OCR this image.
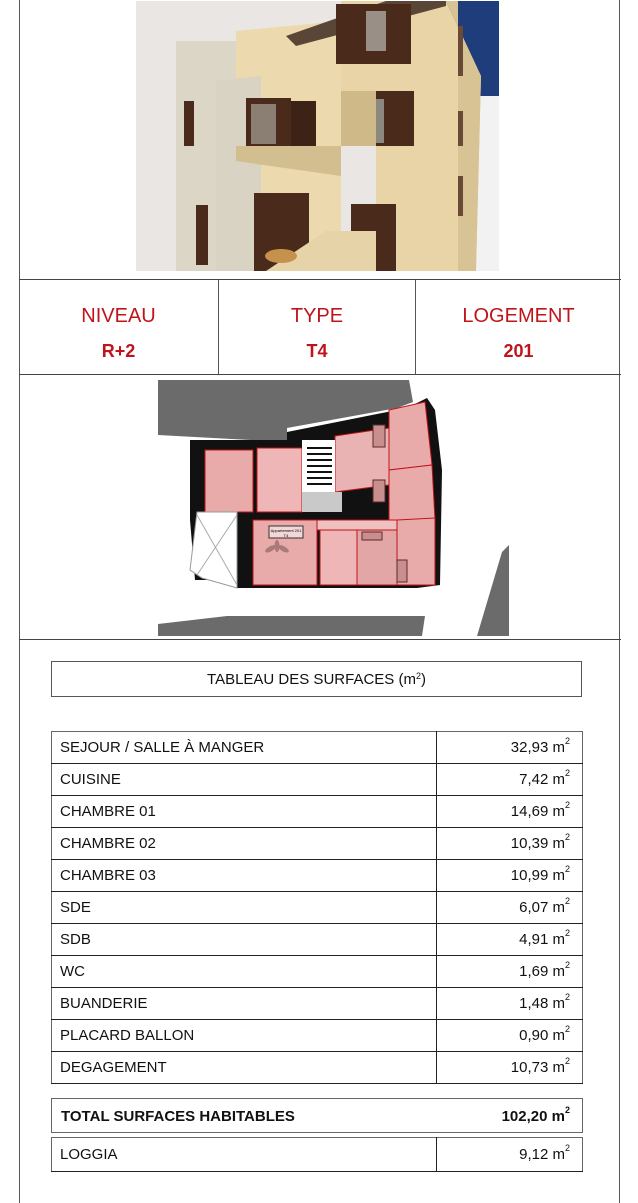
NIVEAU
R+2
TYPE
T4
LOGEMENT
201
Appartement 201
T4
TABLEAU DES SURFACES $(m^2)$
SEJOUR / SALLE À MANGER	32,93 $m^2$
CUISINE	7,42 $m^2$
CHAMBRE 01	14,69 $m^2$
CHAMBRE 02	10,39 $m^2$
CHAMBRE 03	10,99 $m^2$
SDE	6,07 $m^2$
SDB	4,91 $m^2$
WC	1,69 $m^2$
BUANDERIE	1,48 $m^2$
PLACARD BALLON	0,90 $m^2$
DEGAGEMENT	10,73 $m^2$
TOTAL SURFACES HABITABLES	102,20 $m^2$
LOGGIA	9,12 $m^2$
